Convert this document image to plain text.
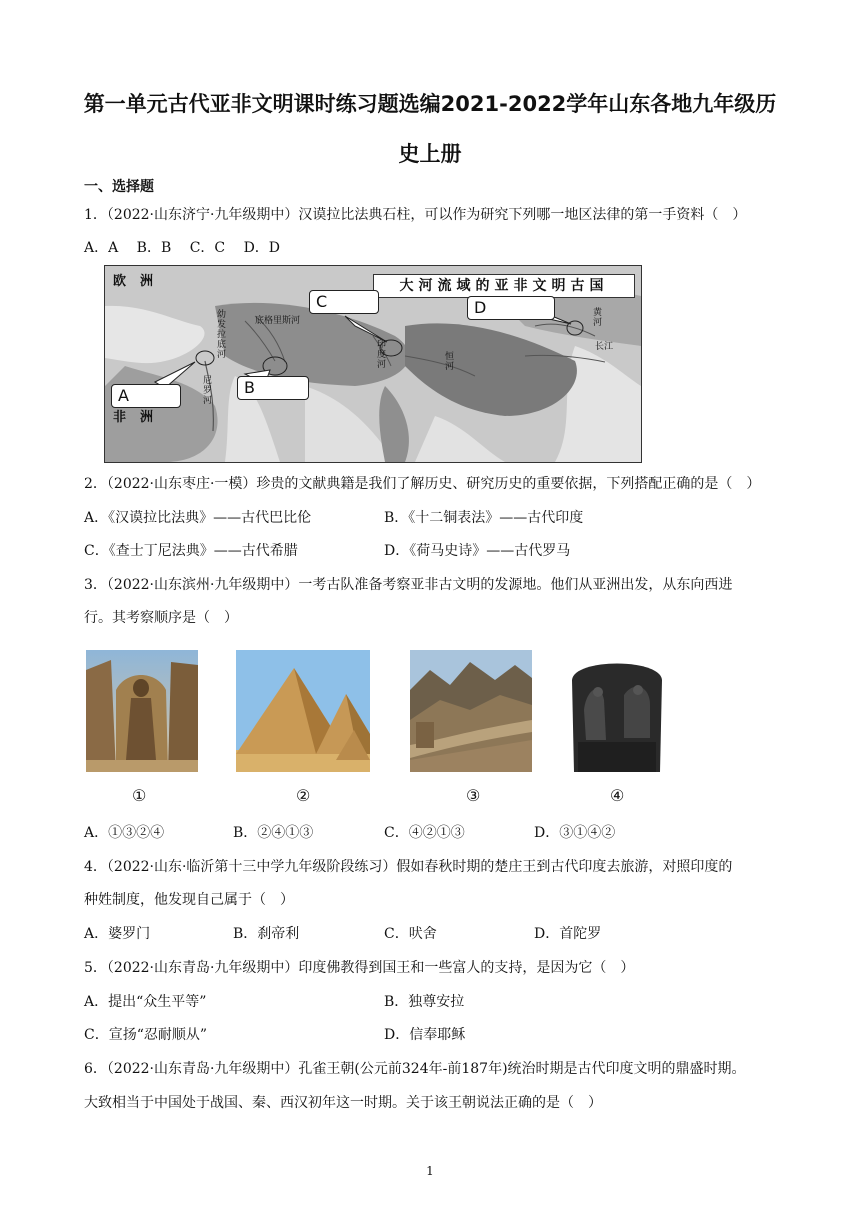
第一单元古代亚非文明课时练习题选编2021-2022学年山东各地九年级历
史上册
一、选择题
1．（2022·山东济宁·九年级期中）汉谟拉比法典石柱，可以作为研究下列哪一地区法律的第一手资料（　）
A．A　 B．B　 C．C　 D．D
大河流域的亚非文明古国
欧洲
非洲
A	B
C	D
幼发拉底河
底格里斯河
尼罗河
印度河
恒河
黄河
长江
2．（2022·山东枣庄·一模）珍贵的文献典籍是我们了解历史、研究历史的重要依据，下列搭配正确的是（　）
A．《汉谟拉比法典》——古代巴比伦	B．《十二铜表法》——古代印度
C．《查士丁尼法典》——古代希腊	D．《荷马史诗》——古代罗马
3．（2022·山东滨州·九年级期中）一考古队准备考察亚非古文明的发源地。他们从亚洲出发，从东向西进
行。其考察顺序是（　）
①	②	③	④
A．①③②④	B．②④①③	C．④②①③	D．③①④②
4．（2022·山东·临沂第十三中学九年级阶段练习）假如春秋时期的楚庄王到古代印度去旅游，对照印度的
种姓制度，他发现自己属于（　）
A．婆罗门	B．刹帝利	C．吠舍	D．首陀罗
5．（2022·山东青岛·九年级期中）印度佛教得到国王和一些富人的支持，是因为它（　）
A．提出“众生平等”	B．独尊安拉
C．宣扬“忍耐顺从”	D．信奉耶稣
6．（2022·山东青岛·九年级期中）孔雀王朝(公元前324年-前187年)统治时期是古代印度文明的鼎盛时期。
大致相当于中国处于战国、秦、西汉初年这一时期。关于该王朝说法正确的是（　）
1
